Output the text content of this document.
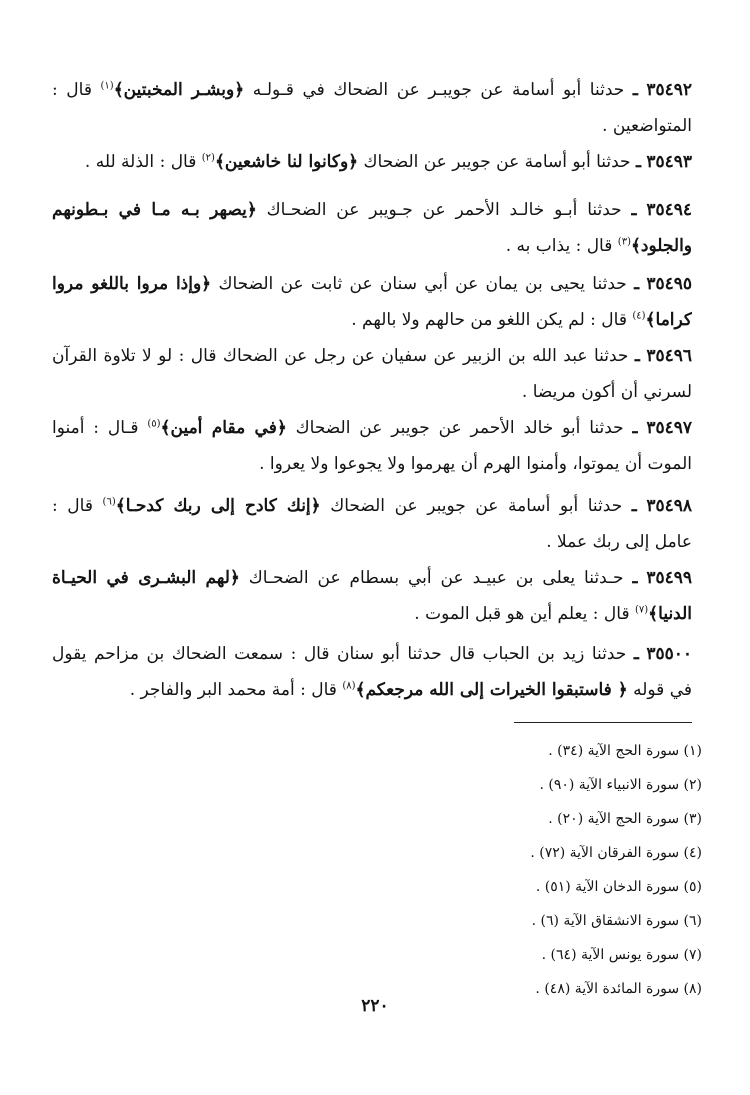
٣٥٤٩٢ ـ حدثنا أبو أسامة عن جويبـر عن الضحاك في قـولـه ﴿وبشـر المخبتين﴾$^{(١)}$ قال :
المتواضعين .
٣٥٤٩٣ ـ حدثنا أبو أسامة عن جويبر عن الضحاك ﴿وكانوا لنا خاشعين﴾$^{(٢)}$ قال : الذلة لله .
٣٥٤٩٤ ـ حدثنا أبـو خالـد الأحمر عن جـويبر عن الضحـاك ﴿يصهر بـه مـا في بـطونهم
والجلود﴾$^{(٣)}$ قال : يذاب به .
٣٥٤٩٥ ـ حدثنا يحيى بن يمان عن أبي سنان عن ثابت عن الضحاك ﴿وإذا مروا باللغو مروا
كراما﴾$^{(٤)}$ قال : لم يكن اللغو من حالهم ولا بالهم .
٣٥٤٩٦ ـ حدثنا عبد الله بن الزبير عن سفيان عن رجل عن الضحاك قال : لو لا تلاوة القرآن
لسرني أن أكون مريضا .
٣٥٤٩٧ ـ حدثنا أبو خالد الأحمر عن جويبر عن الضحاك ﴿في مقام أمين﴾$^{(٥)}$ قـال : أمنوا
الموت أن يموتوا، وأمنوا الهرم أن يهرموا ولا يجوعوا ولا يعروا .
٣٥٤٩٨ ـ حدثنا أبو أسامة عن جويبر عن الضحاك ﴿إنك كادح إلى ربك كدحـا﴾$^{(٦)}$ قال :
عامل إلى ربك عملا .
٣٥٤٩٩ ـ حـدثنا يعلى بن عبيـد عن أبي بسطام عن الضحـاك ﴿لهم البشـرى في الحيـاة
الدنيا﴾$^{(٧)}$ قال : يعلم أين هو قبل الموت .
٣٥٥٠٠ ـ حدثنا زيد بن الحباب قال حدثنا أبو سنان قال : سمعت الضحاك بن مزاحم يقول
في قوله ﴿ فاستبقوا الخيرات إلى الله مرجعكم﴾$^{(٨)}$ قال : أمة محمد البر والفاجر .
(١) سورة الحج الآية (٣٤) .
(٢) سورة الانبياء الآية (٩٠) .
(٣) سورة الحج الآية (٢٠) .
(٤) سورة الفرقان الآية (٧٢) .
(٥) سورة الدخان الآية (٥١) .
(٦) سورة الانشقاق الآية (٦) .
(٧) سورة يونس الآية (٦٤) .
(٨) سورة المائدة الآية (٤٨) .
٢٢٠
